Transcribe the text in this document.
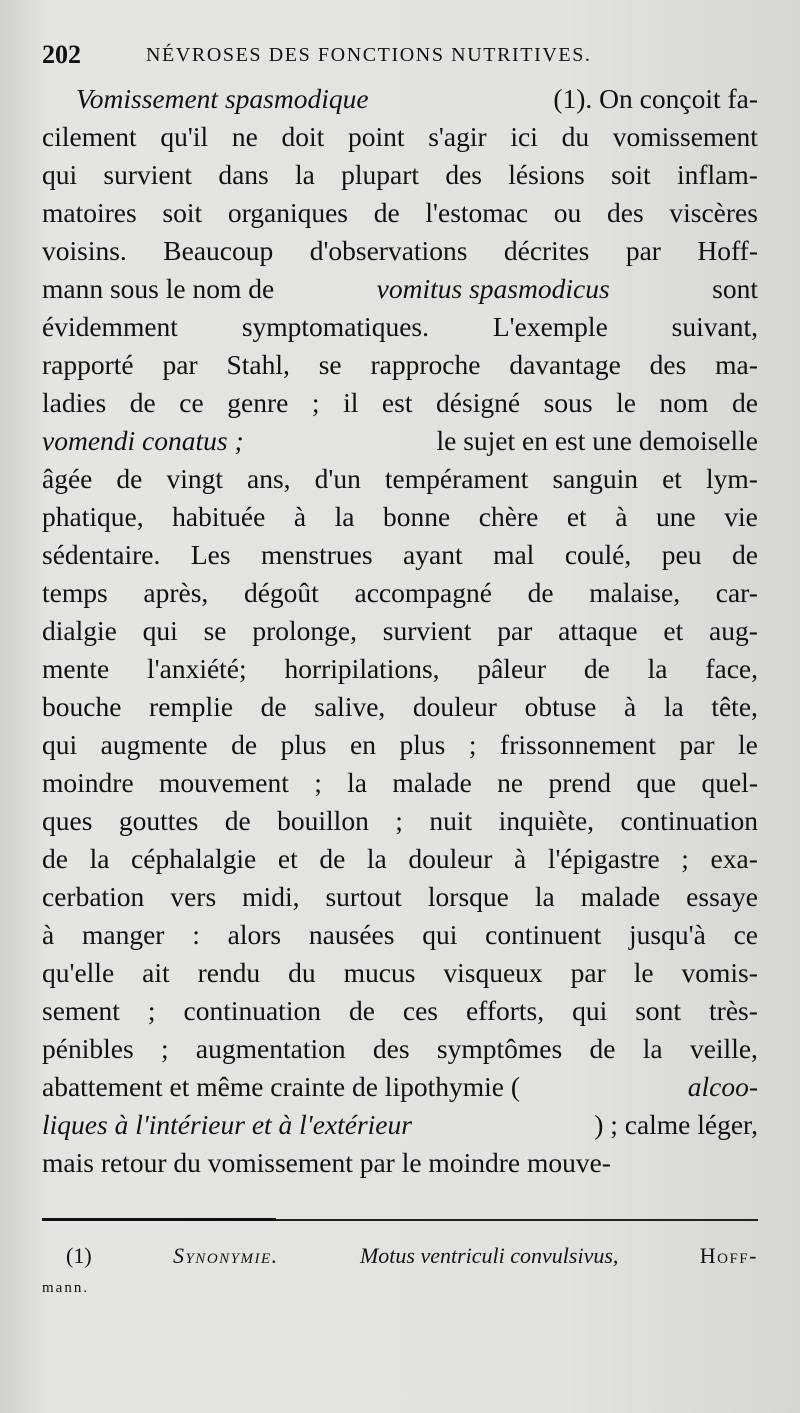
202	NÉVROSES DES FONCTIONS NUTRITIVES.
Vomissement spasmodique	(1). On conçoit fa-
cilement qu'il ne doit point s'agir ici du vomissement
qui survient dans la plupart des lésions soit inflam-
matoires soit organiques de l'estomac ou des viscères
voisins. Beaucoup d'observations décrites par Hoff-
mann sous le nom de	vomitus spasmodicus	sont
évidemment symptomatiques. L'exemple suivant,
rapporté par Stahl, se rapproche davantage des ma-
ladies de ce genre ; il est désigné sous le nom de
vomendi conatus ;	le sujet en est une demoiselle
âgée de vingt ans, d'un tempérament sanguin et lym-
phatique, habituée à la bonne chère et à une vie
sédentaire. Les menstrues ayant mal coulé, peu de
temps après, dégoût accompagné de malaise, car-
dialgie qui se prolonge, survient par attaque et aug-
mente l'anxiété; horripilations, pâleur de la face,
bouche remplie de salive, douleur obtuse à la tête,
qui augmente de plus en plus ; frissonnement par le
moindre mouvement ; la malade ne prend que quel-
ques gouttes de bouillon ; nuit inquiète, continuation
de la céphalalgie et de la douleur à l'épigastre ; exa-
cerbation vers midi, surtout lorsque la malade essaye
à manger : alors nausées qui continuent jusqu'à ce
qu'elle ait rendu du mucus visqueux par le vomis-
sement ; continuation de ces efforts, qui sont très-
pénibles ; augmentation des symptômes de la veille,
abattement et même crainte de lipothymie (	alcoo-
liques à l'intérieur et à l'extérieur	) ; calme léger,
mais retour du vomissement par le moindre mouve-
(1)	Synonymie.	Motus ventriculi convulsivus,	Hoff-
mann.
